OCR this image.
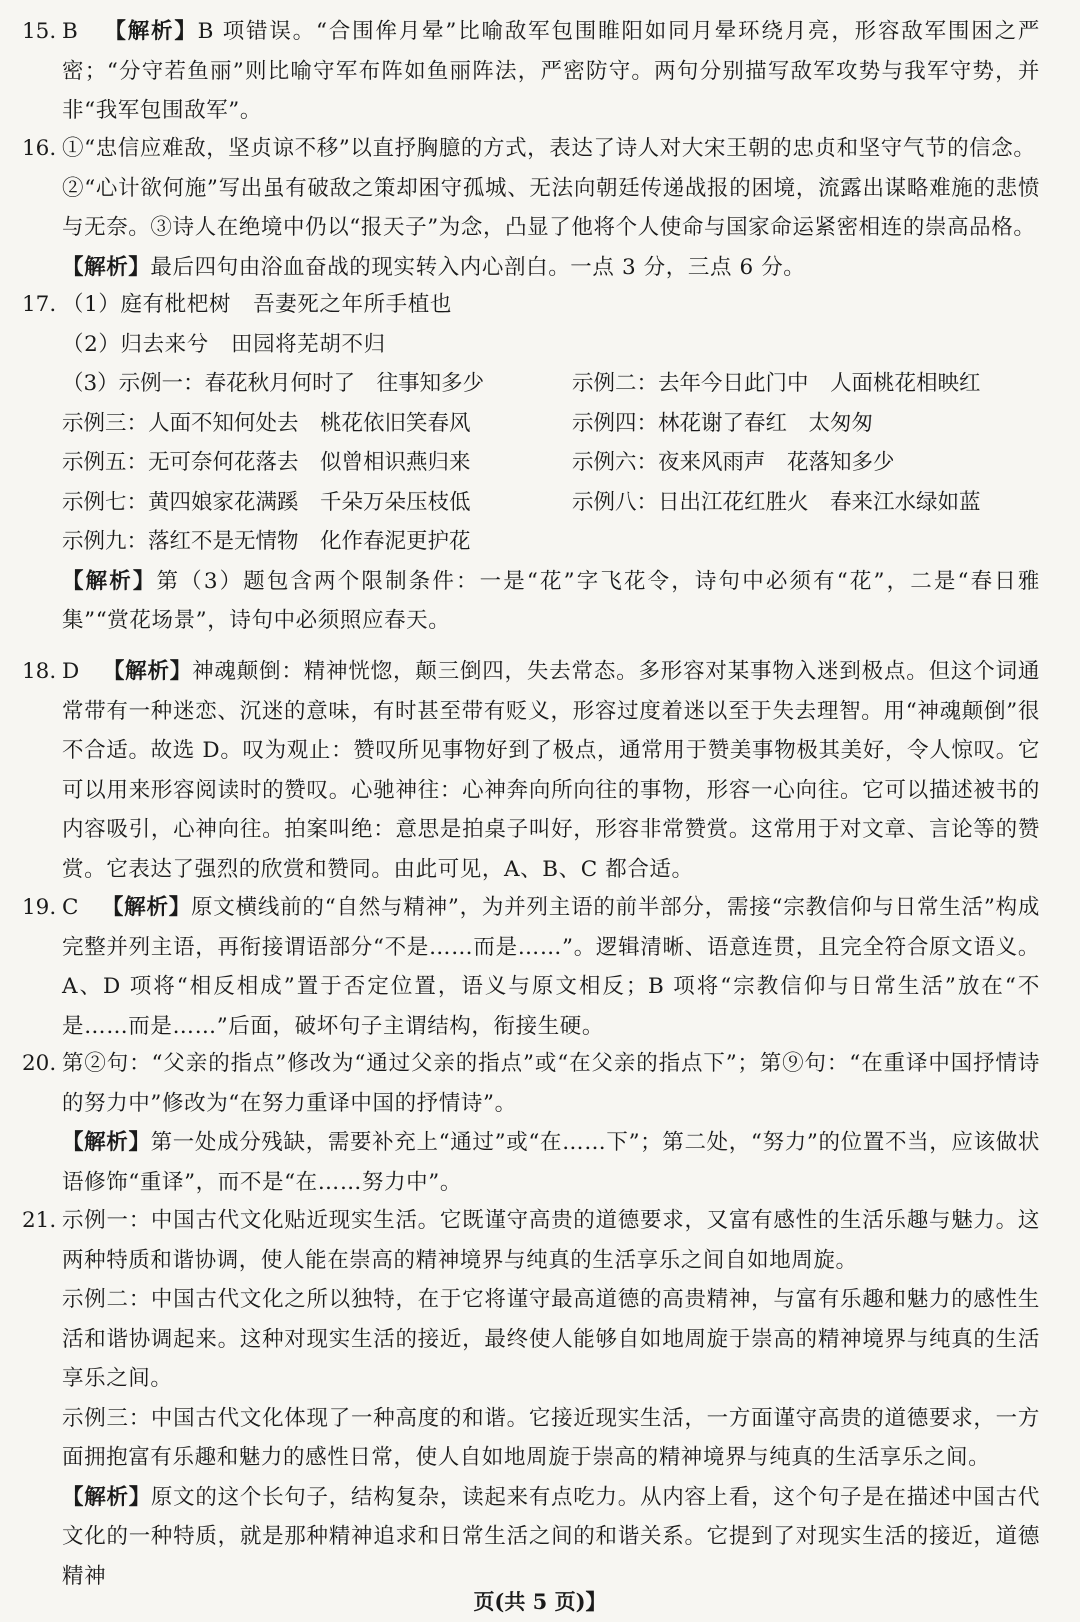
15. B 【解析】B 项错误。“合围侔月晕”比喻敌军包围睢阳如同月晕环绕月亮，形容敌军围困之严密；“分守若鱼丽”则比喻守军布阵如鱼丽阵法，严密防守。两句分别描写敌军攻势与我军守势，并非“我军包围敌军”。

16. ①“忠信应难敌，坚贞谅不移”以直抒胸臆的方式，表达了诗人对大宋王朝的忠贞和坚守气节的信念。

②“心计欲何施”写出虽有破敌之策却困守孤城、无法向朝廷传递战报的困境，流露出谋略难施的悲愤与无奈。③诗人在绝境中仍以“报天子”为念，凸显了他将个人使命与国家命运紧密相连的崇高品格。

【解析】最后四句由浴血奋战的现实转入内心剖白。一点 3 分，三点 6 分。

17. （1）庭有枇杷树　吾妻死之年所手植也

（2）归去来兮　田园将芜胡不归

（3）示例一：春花秋月何时了　往事知多少	示例二：去年今日此门中　人面桃花相映红
示例三：人面不知何处去　桃花依旧笑春风	示例四：林花谢了春红　太匆匆
示例五：无可奈何花落去　似曾相识燕归来	示例六：夜来风雨声　花落知多少
示例七：黄四娘家花满蹊　千朵万朵压枝低	示例八：日出江花红胜火　春来江水绿如蓝
示例九：落红不是无情物　化作春泥更护花

【解析】第（3）题包含两个限制条件：一是“花”字飞花令，诗句中必须有“花”，二是“春日雅集”“赏花场景”，诗句中必须照应春天。

18. D 【解析】神魂颠倒：精神恍惚，颠三倒四，失去常态。多形容对某事物入迷到极点。但这个词通常带有一种迷恋、沉迷的意味，有时甚至带有贬义，形容过度着迷以至于失去理智。用“神魂颠倒”很不合适。故选 D。叹为观止：赞叹所见事物好到了极点，通常用于赞美事物极其美好，令人惊叹。它可以用来形容阅读时的赞叹。心驰神往：心神奔向所向往的事物，形容一心向往。它可以描述被书的内容吸引，心神向往。拍案叫绝：意思是拍桌子叫好，形容非常赞赏。这常用于对文章、言论等的赞赏。它表达了强烈的欣赏和赞同。由此可见，A、B、C 都合适。

19. C 【解析】原文横线前的“自然与精神”，为并列主语的前半部分，需接“宗教信仰与日常生活”构成完整并列主语，再衔接谓语部分“不是……而是……”。逻辑清晰、语意连贯，且完全符合原文语义。A、D 项将“相反相成”置于否定位置，语义与原文相反；B 项将“宗教信仰与日常生活”放在“不是……而是……”后面，破坏句子主谓结构，衔接生硬。

20. 第②句：“父亲的指点”修改为“通过父亲的指点”或“在父亲的指点下”；第⑨句：“在重译中国抒情诗的努力中”修改为“在努力重译中国的抒情诗”。

【解析】第一处成分残缺，需要补充上“通过”或“在……下”；第二处，“努力”的位置不当，应该做状语修饰“重译”，而不是“在……努力中”。

21. 示例一：中国古代文化贴近现实生活。它既谨守高贵的道德要求，又富有感性的生活乐趣与魅力。这两种特质和谐协调，使人能在崇高的精神境界与纯真的生活享乐之间自如地周旋。

示例二：中国古代文化之所以独特，在于它将谨守最高道德的高贵精神，与富有乐趣和魅力的感性生活和谐协调起来。这种对现实生活的接近，最终使人能够自如地周旋于崇高的精神境界与纯真的生活享乐之间。

示例三：中国古代文化体现了一种高度的和谐。它接近现实生活，一方面谨守高贵的道德要求，一方面拥抱富有乐趣和魅力的感性日常，使人自如地周旋于崇高的精神境界与纯真的生活享乐之间。

【解析】原文的这个长句子，结构复杂，读起来有点吃力。从内容上看，这个句子是在描述中国古代文化的一种特质，就是那种精神追求和日常生活之间的和谐关系。它提到了对现实生活的接近，道德精神

页(共 5 页)】
